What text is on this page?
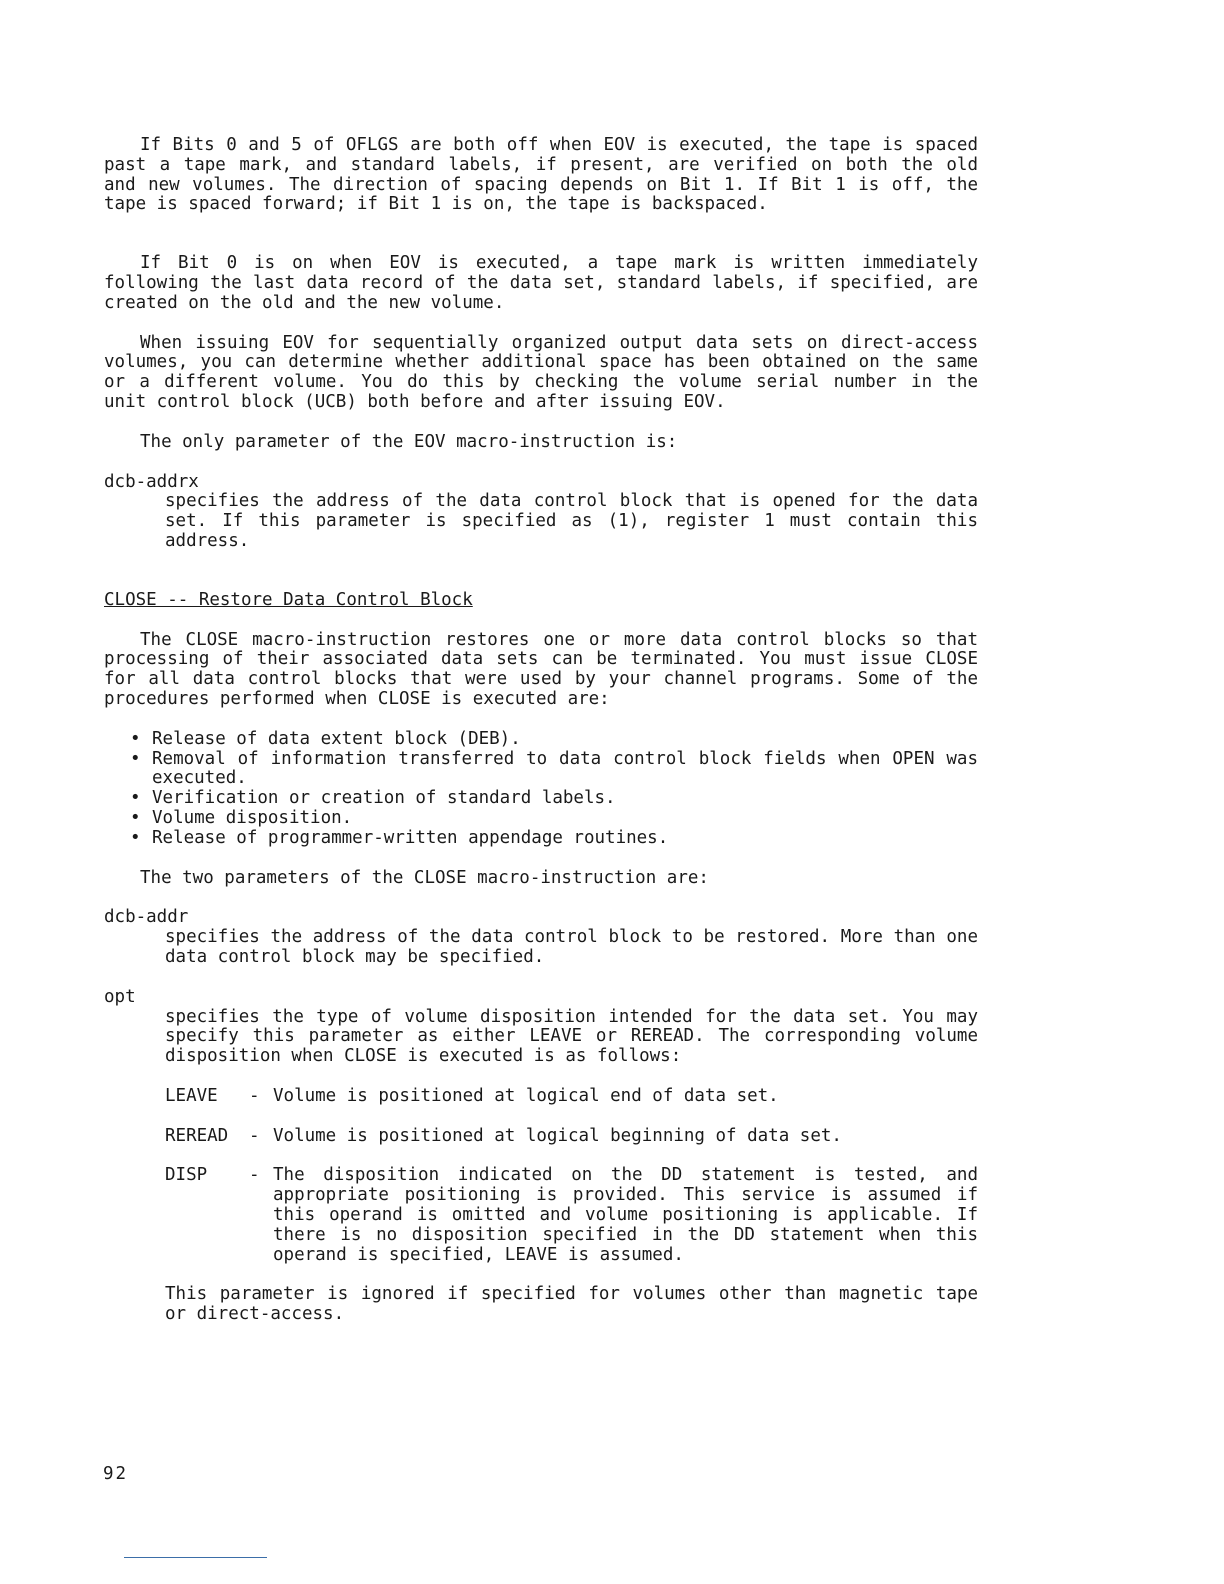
If Bits 0 and 5 of OFLGS are both off when EOV is executed, the tape is spaced past a tape mark, and standard labels, if present, are verified on both the old and new volumes. The direction of spacing depends on Bit 1. If Bit 1 is off, the tape is spaced forward; if Bit 1 is on, the tape is backspaced.

If Bit 0 is on when EOV is executed, a tape mark is written immediately following the last data record of the data set, standard labels, if specified, are created on the old and the new volume.

When issuing EOV for sequentially organized output data sets on direct-access volumes, you can determine whether additional space has been obtained on the same or a different volume. You do this by checking the volume serial number in the unit control block (UCB) both before and after issuing EOV.

The only parameter of the EOV macro-instruction is:

dcb-addrx
specifies the address of the data control block that is opened for the data set. If this parameter is specified as (1), register 1 must contain this address.
CLOSE -- Restore Data Control Block

The CLOSE macro-instruction restores one or more data control blocks so that processing of their associated data sets can be terminated. You must issue CLOSE for all data control blocks that were used by your channel programs. Some of the procedures performed when CLOSE is executed are:

• Release of data extent block (DEB).
• Removal of information transferred to data control block fields when OPEN was executed.
• Verification or creation of standard labels.
• Volume disposition.
• Release of programmer-written appendage routines.

The two parameters of the CLOSE macro-instruction are:

dcb-addr
specifies the address of the data control block to be restored. More than one data control block may be specified.
opt
specifies the type of volume disposition intended for the data set. You may specify this parameter as either LEAVE or REREAD. The corresponding volume disposition when CLOSE is executed is as follows:
LEAVE	- Volume is positioned at logical end of data set.
REREAD	- Volume is positioned at logical beginning of data set.
DISP	- The disposition indicated on the DD statement is tested, and appropriate positioning is provided. This service is assumed if this operand is omitted and volume positioning is applicable. If there is no disposition specified in the DD statement when this operand is specified, LEAVE is assumed.
This parameter is ignored if specified for volumes other than magnetic tape or direct-access.
92
